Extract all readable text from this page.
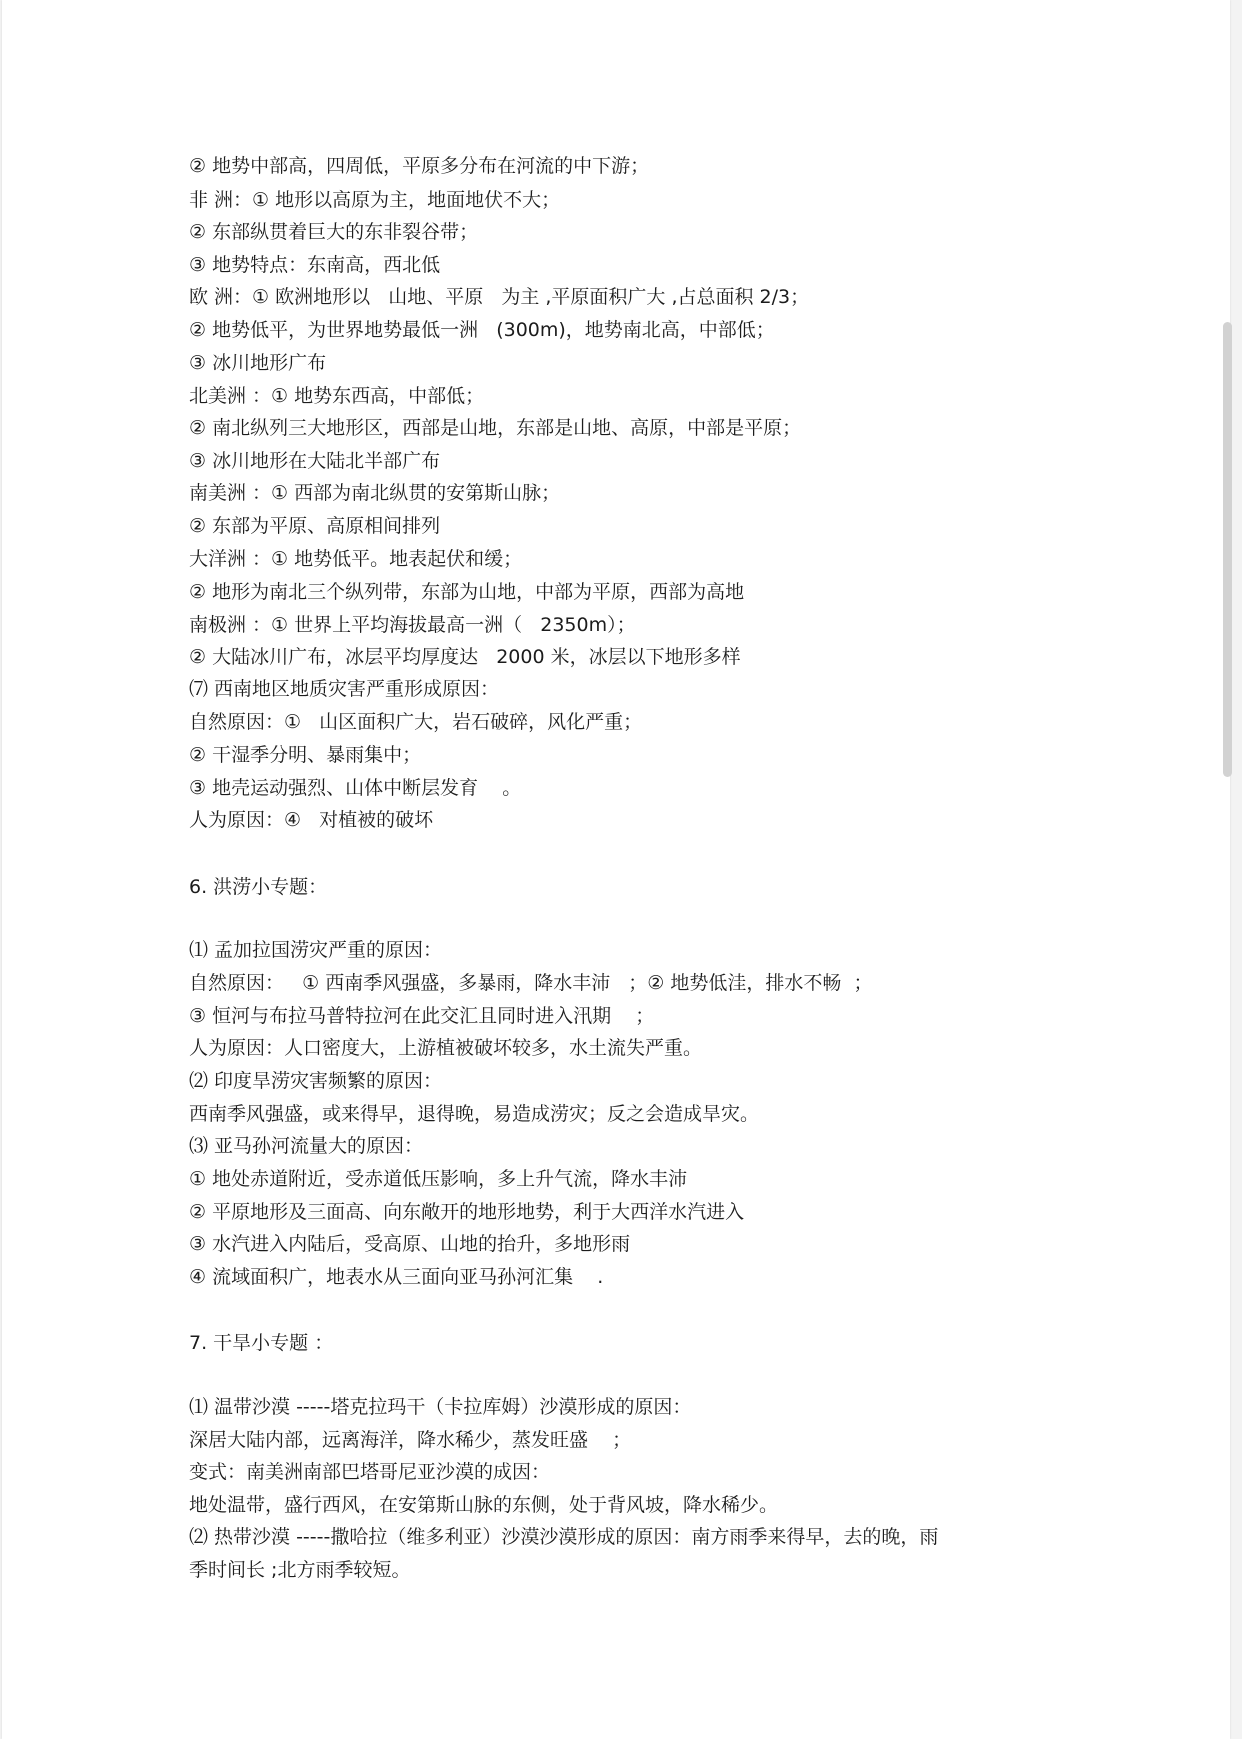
② 地势中部高，四周低，平原多分布在河流的中下游；
非 洲：① 地形以高原为主，地面地伏不大；
② 东部纵贯着巨大的东非裂谷带；
③ 地势特点：东南高，西北低
欧 洲：① 欧洲地形以   山地、平原   为主 ,平原面积广大 ,占总面积 2/3；
② 地势低平，为世界地势最低一洲   (300m)，地势南北高，中部低；
③ 冰川地形广布
北美洲 ：① 地势东西高，中部低；
② 南北纵列三大地形区，西部是山地，东部是山地、高原，中部是平原；
③ 冰川地形在大陆北半部广布
南美洲 ：① 西部为南北纵贯的安第斯山脉；
② 东部为平原、高原相间排列
大洋洲 ：① 地势低平。地表起伏和缓；
② 地形为南北三个纵列带，东部为山地，中部为平原，西部为高地
南极洲 ：① 世界上平均海拔最高一洲（   2350m）；
② 大陆冰川广布，冰层平均厚度达   2000 米，冰层以下地形多样
⑺ 西南地区地质灾害严重形成原因：
自然原因：①   山区面积广大，岩石破碎，风化严重；
② 干湿季分明、暴雨集中；
③ 地壳运动强烈、山体中断层发育    。
人为原因：④   对植被的破坏
6. 洪涝小专题：
⑴ 孟加拉国涝灾严重的原因：
自然原因：   ① 西南季风强盛，多暴雨，降水丰沛   ；② 地势低洼，排水不畅  ；
③ 恒河与布拉马普特拉河在此交汇且同时进入汛期    ；
人为原因：人口密度大，上游植被破坏较多，水土流失严重。
⑵ 印度旱涝灾害频繁的原因：
西南季风强盛，或来得早，退得晚，易造成涝灾；反之会造成旱灾。
⑶ 亚马孙河流量大的原因：
① 地处赤道附近，受赤道低压影响，多上升气流，降水丰沛
② 平原地形及三面高、向东敞开的地形地势，利于大西洋水汽进入
③ 水汽进入内陆后，受高原、山地的抬升，多地形雨
④ 流域面积广，地表水从三面向亚马孙河汇集    .
7. 干旱小专题 ：
⑴ 温带沙漠 -----塔克拉玛干（卡拉库姆）沙漠形成的原因：
深居大陆内部，远离海洋，降水稀少，蒸发旺盛    ；
变式：南美洲南部巴塔哥尼亚沙漠的成因：
地处温带，盛行西风，在安第斯山脉的东侧，处于背风坡，降水稀少。
⑵ 热带沙漠 -----撒哈拉（维多利亚）沙漠沙漠形成的原因：南方雨季来得早，去的晚，雨
季时间长 ;北方雨季较短。
